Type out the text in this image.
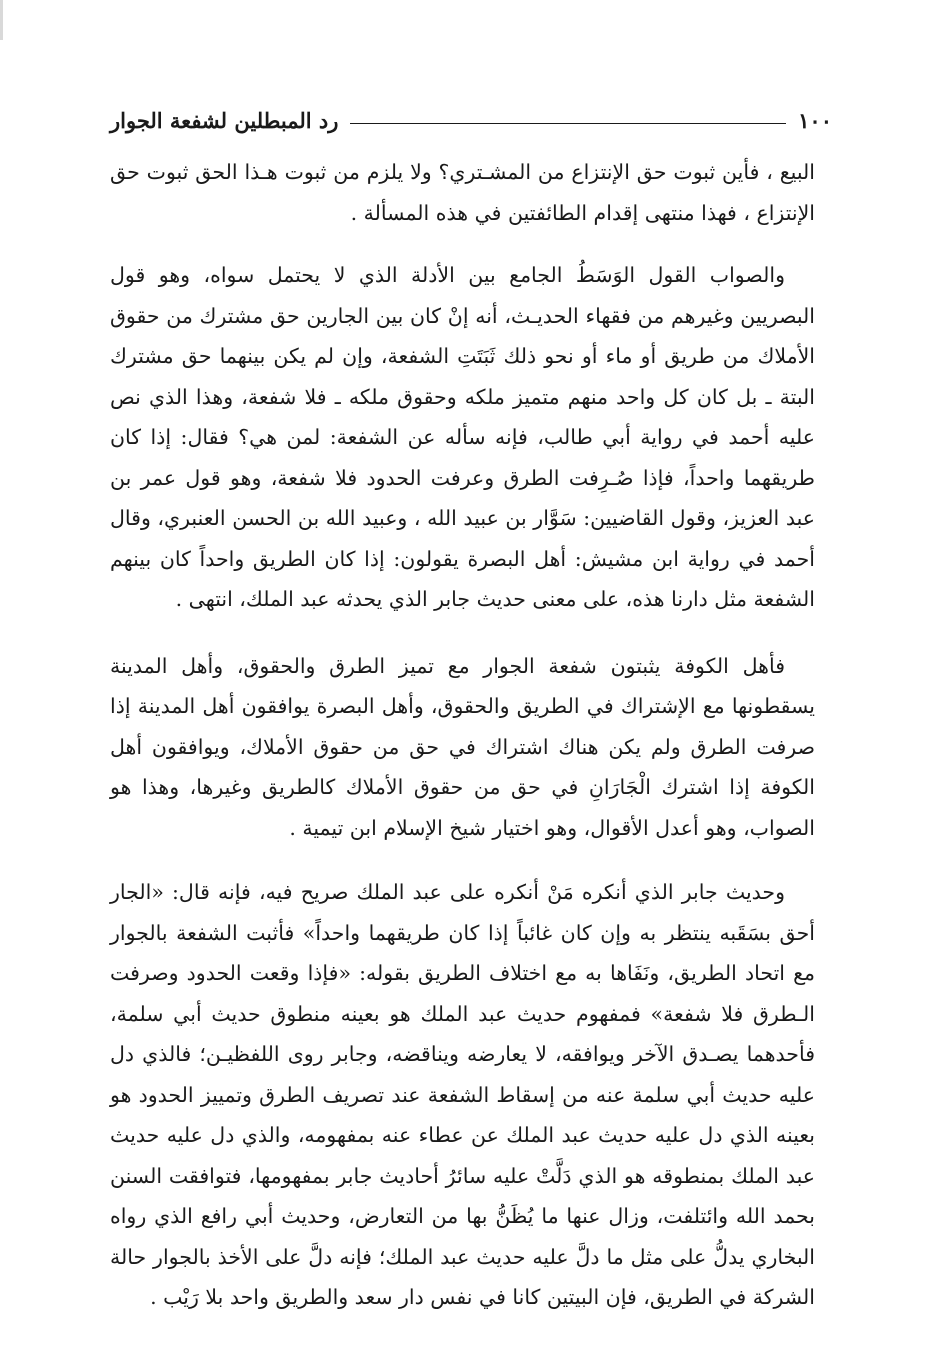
١٠٠
رد المبطلين لشفعة الجوار

البيع ، فأين ثبوت حق الإنتزاع من المشـتري؟ ولا يلزم من ثبوت هـذا الحق ثبوت حق الإنتزاع ، فهذا منتهى إقدام الطائفتين في هذه المسألة .

والصواب القول الوَسَطُ الجامع بين الأدلة الذي لا يحتمل سواه، وهو قول البصريين وغيرهم من فقهاء الحديـث، أنه إنْ كان بين الجارين حق مشترك من حقوق الأملاك من طريق أو ماء أو نحو ذلك ثَبَتَتِ الشفعة، وإن لم يكن بينهما حق مشترك البتة ـ بل كان كل واحد منهم متميز ملكه وحقوق ملكه ـ فلا شفعة، وهذا الذي نص عليه أحمد في رواية أبي طالب، فإنه سأله عن الشفعة: لمن هي؟ فقال: إذا كان طريقهما واحداً، فإذا صُـرِفت الطرق وعرفت الحدود فلا شفعة، وهو قول عمر بن عبد العزيز، وقول القاضيين: سَوَّار بن عبيد الله ، وعبيد الله بن الحسن العنبري، وقال أحمد في رواية ابن مشيش: أهل البصرة يقولون: إذا كان الطريق واحداً كان بينهم الشفعة مثل دارنا هذه، على معنى حديث جابر الذي يحدثه عبد الملك، انتهى .

فأهل الكوفة يثبتون شفعة الجوار مع تميز الطرق والحقوق، وأهل المدينة يسقطونها مع الإشتراك في الطريق والحقوق، وأهل البصرة يوافقون أهل المدينة إذا صرفت الطرق ولم يكن هناك اشتراك في حق من حقوق الأملاك، ويوافقون أهل الكوفة إذا اشترك الْجَارَانِ في حق من حقوق الأملاك كالطريق وغيرها، وهذا هو الصواب، وهو أعدل الأقوال، وهو اختيار شيخ الإسلام ابن تيمية .

وحديث جابر الذي أنكره مَنْ أنكره على عبد الملك صريح فيه، فإنه قال: «الجار أحق بسَقَبه ينتظر به وإن كان غائباً إذا كان طريقهما واحداً» فأثبت الشفعة بالجوار مع اتحاد الطريق، ونَفَاها به مع اختلاف الطريق بقوله: «فإذا وقعت الحدود وصرفت الـطرق فلا شفعة» فمفهوم حديث عبد الملك هو بعينه منطوق حديث أبي سلمة، فأحدهما يصـدق الآخر ويوافقه، لا يعارضه ويناقضه، وجابر روى اللفظيـن؛ فالذي دل عليه حديث أبي سلمة عنه من إسقاط الشفعة عند تصريف الطرق وتمييز الحدود هو بعينه الذي دل عليه حديث عبد الملك عن عطاء عنه بمفهومه، والذي دل عليه حديث عبد الملك بمنطوقه هو الذي دَلَّتْ عليه سائرُ أحاديث جابر بمفهومها، فتوافقت السنن بحمد الله وائتلفت، وزال عنها ما يُظَنُّ بها من التعارض، وحديث أبي رافع الذي رواه البخاري يدلُّ على مثل ما دلَّ عليه حديث عبد الملك؛ فإنه دلَّ على الأخذ بالجوار حالة الشركة في الطريق، فإن البيتين كانا في نفس دار سعد والطريق واحد بلا رَيْب .
